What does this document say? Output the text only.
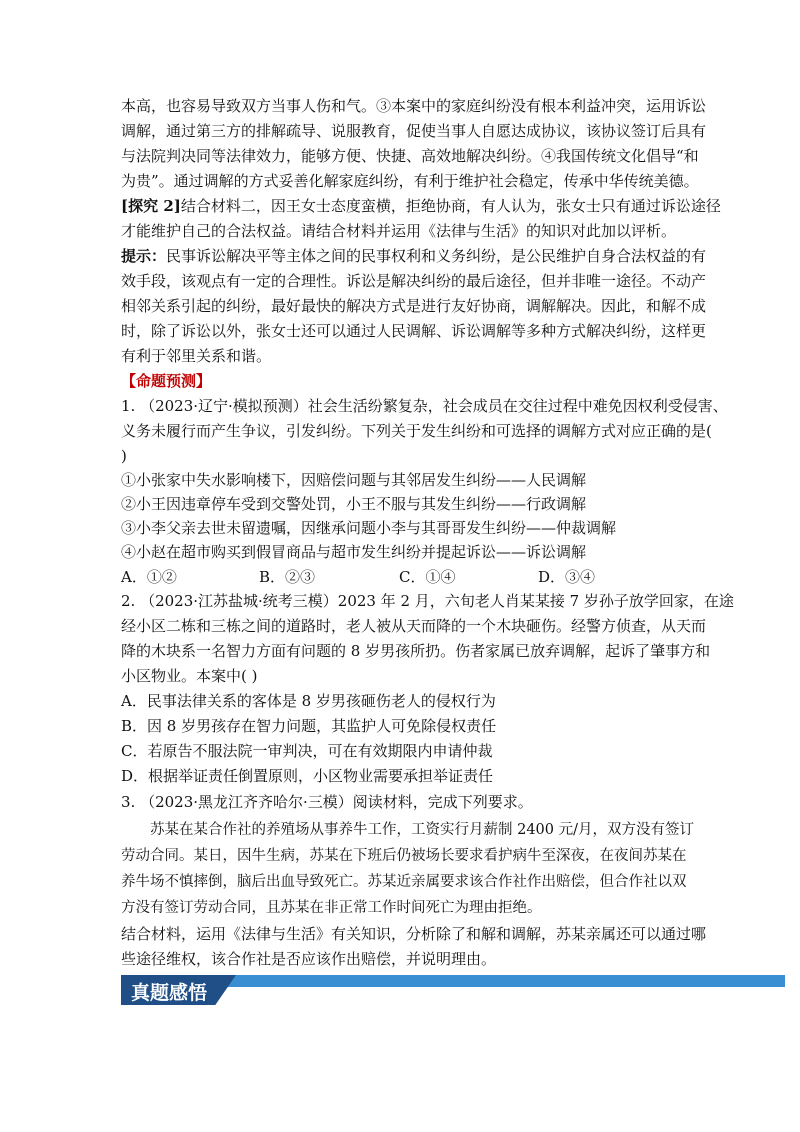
本高，也容易导致双方当事人伤和气。③本案中的家庭纠纷没有根本利益冲突，运用诉讼
调解，通过第三方的排解疏导、说服教育，促使当事人自愿达成协议，该协议签订后具有
与法院判决同等法律效力，能够方便、快捷、高效地解决纠纷。④我国传统文化倡导“和
为贵”。通过调解的方式妥善化解家庭纠纷，有利于维护社会稳定，传承中华传统美德。
[探究 2]结合材料二，因王女士态度蛮横，拒绝协商，有人认为，张女士只有通过诉讼途径
才能维护自己的合法权益。请结合材料并运用《法律与生活》的知识对此加以评析。
提示：民事诉讼解决平等主体之间的民事权利和义务纠纷，是公民维护自身合法权益的有
效手段，该观点有一定的合理性。诉讼是解决纠纷的最后途径，但并非唯一途径。不动产
相邻关系引起的纠纷，最好最快的解决方式是进行友好协商，调解解决。因此，和解不成
时，除了诉讼以外，张女士还可以通过人民调解、诉讼调解等多种方式解决纠纷，这样更
有利于邻里关系和谐。
【命题预测】
1. （2023·辽宁·模拟预测）社会生活纷繁复杂，社会成员在交往过程中难免因权利受侵害、
义务未履行而产生争议，引发纠纷。下列关于发生纠纷和可选择的调解方式对应正确的是(
)
①小张家中失水影响楼下，因赔偿问题与其邻居发生纠纷——人民调解
②小王因违章停车受到交警处罚，小王不服与其发生纠纷——行政调解
③小李父亲去世未留遗嘱，因继承问题小李与其哥哥发生纠纷——仲裁调解
④小赵在超市购买到假冒商品与超市发生纠纷并提起诉讼——诉讼调解
A．①②	B．②③	C．①④	D．③④
2. （2023·江苏盐城·统考三模）2023 年 2 月，六旬老人肖某某接 7 岁孙子放学回家，在途
经小区二栋和三栋之间的道路时，老人被从天而降的一个木块砸伤。经警方侦查，从天而
降的木块系一名智力方面有问题的 8 岁男孩所扔。伤者家属已放弃调解，起诉了肇事方和
小区物业。本案中( )
A．民事法律关系的客体是 8 岁男孩砸伤老人的侵权行为
B．因 8 岁男孩存在智力问题，其监护人可免除侵权责任
C．若原告不服法院一审判决，可在有效期限内申请仲裁
D．根据举证责任倒置原则，小区物业需要承担举证责任
3. （2023·黑龙江齐齐哈尔·三模）阅读材料，完成下列要求。
苏某在某合作社的养殖场从事养牛工作，工资实行月薪制 2400 元/月，双方没有签订
劳动合同。某日，因牛生病，苏某在下班后仍被场长要求看护病牛至深夜，在夜间苏某在
养牛场不慎摔倒，脑后出血导致死亡。苏某近亲属要求该合作社作出赔偿，但合作社以双
方没有签订劳动合同，且苏某在非正常工作时间死亡为理由拒绝。
结合材料，运用《法律与生活》有关知识，分析除了和解和调解，苏某亲属还可以通过哪
些途径维权，该合作社是否应该作出赔偿，并说明理由。
真题感悟
